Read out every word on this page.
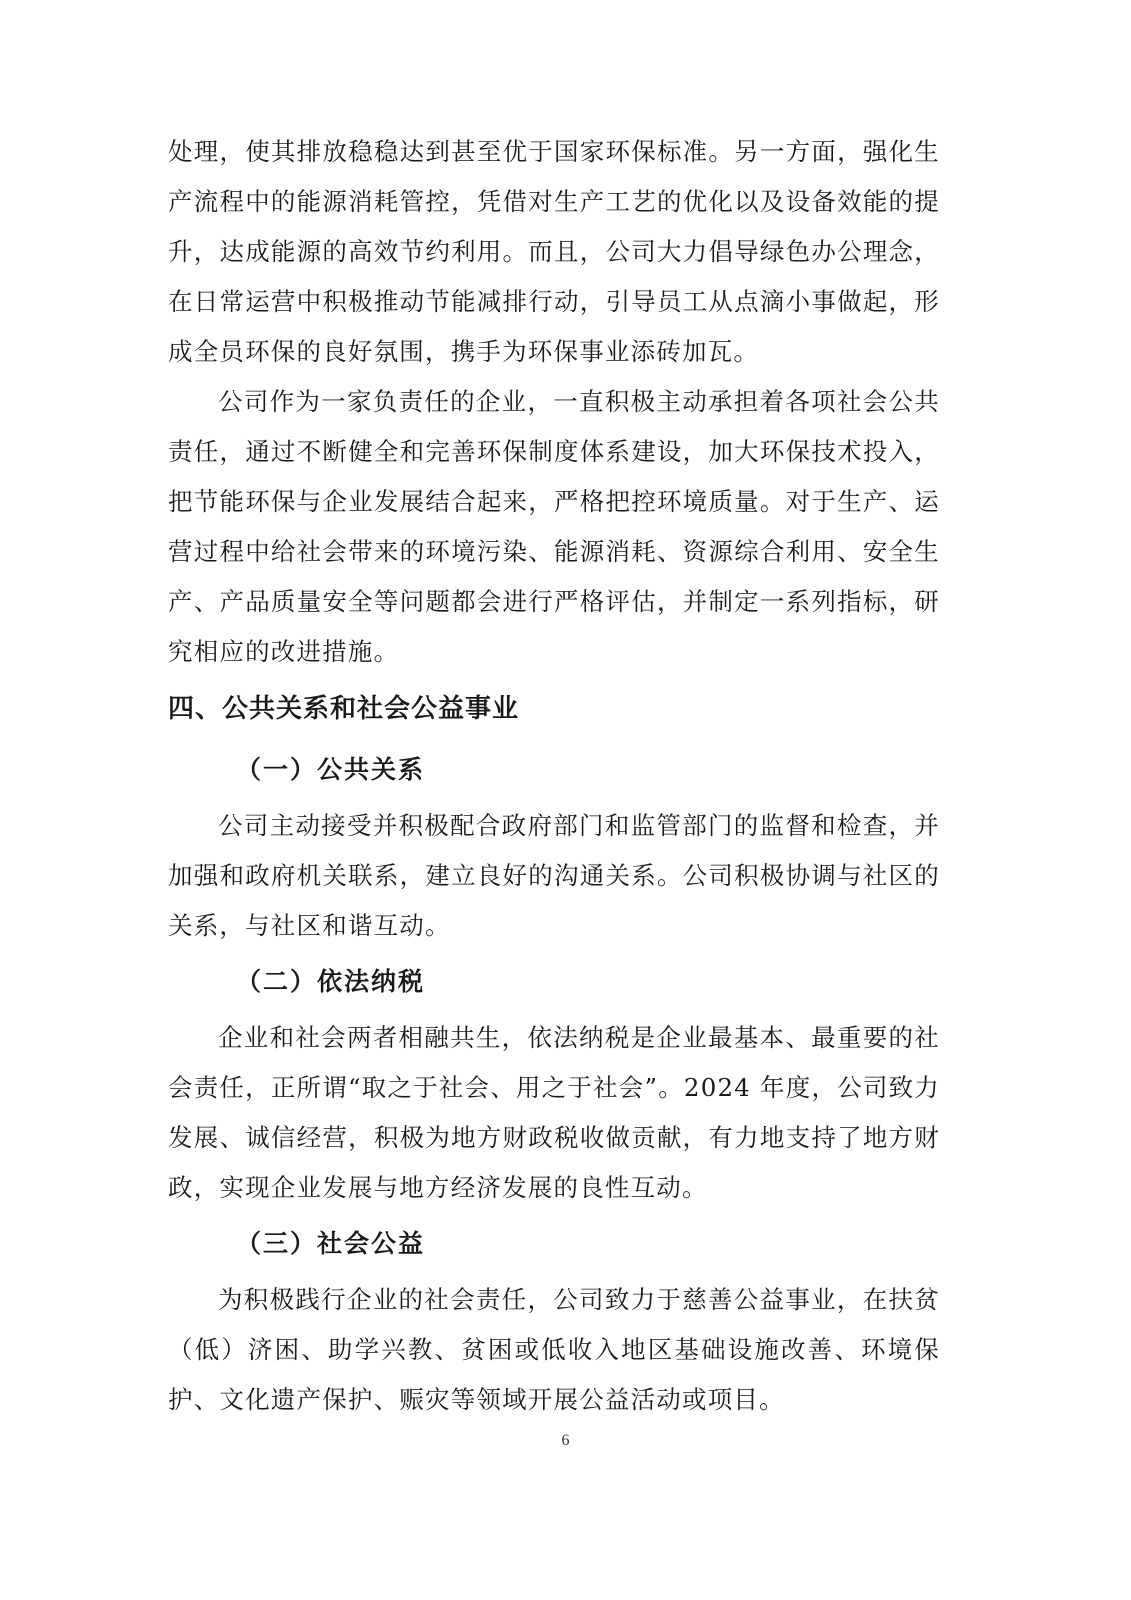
处理，使其排放稳稳达到甚至优于国家环保标准。另一方面，强化生产流程中的能源消耗管控，凭借对生产工艺的优化以及设备效能的提升，达成能源的高效节约利用。而且，公司大力倡导绿色办公理念，在日常运营中积极推动节能减排行动，引导员工从点滴小事做起，形成全员环保的良好氛围，携手为环保事业添砖加瓦。

公司作为一家负责任的企业，一直积极主动承担着各项社会公共责任，通过不断健全和完善环保制度体系建设，加大环保技术投入，把节能环保与企业发展结合起来，严格把控环境质量。对于生产、运营过程中给社会带来的环境污染、能源消耗、资源综合利用、安全生产、产品质量安全等问题都会进行严格评估，并制定一系列指标，研究相应的改进措施。

四、公共关系和社会公益事业
（一）公共关系

公司主动接受并积极配合政府部门和监管部门的监督和检查，并加强和政府机关联系，建立良好的沟通关系。公司积极协调与社区的关系，与社区和谐互动。

（二）依法纳税

企业和社会两者相融共生，依法纳税是企业最基本、最重要的社会责任，正所谓“取之于社会、用之于社会”。2024 年度，公司致力发展、诚信经营，积极为地方财政税收做贡献，有力地支持了地方财政，实现企业发展与地方经济发展的良性互动。

（三）社会公益

为积极践行企业的社会责任，公司致力于慈善公益事业，在扶贫（低）济困、助学兴教、贫困或低收入地区基础设施改善、环境保护、文化遗产保护、赈灾等领域开展公益活动或项目。

6
